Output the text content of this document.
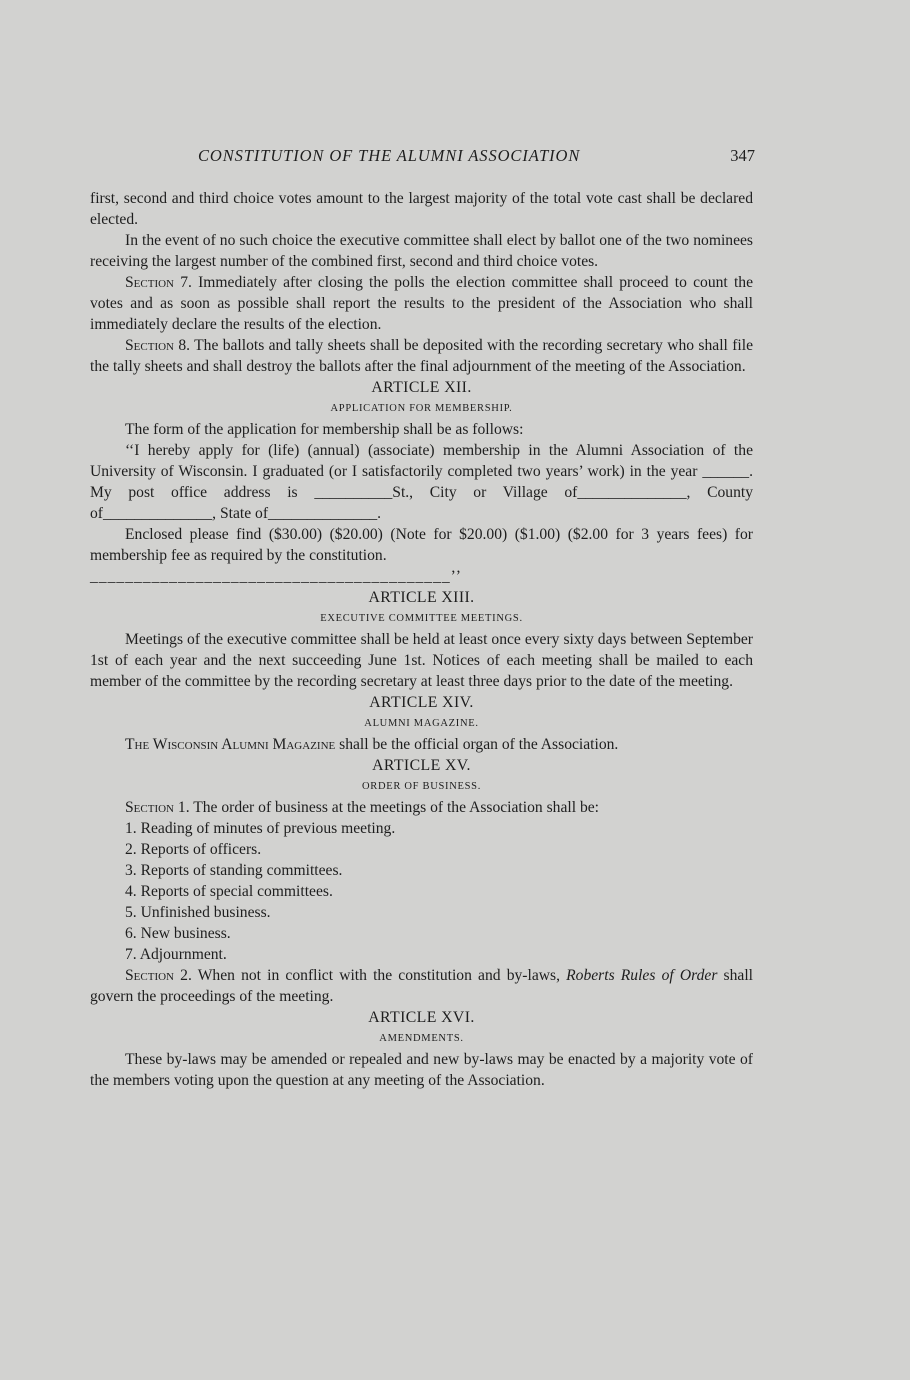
CONSTITUTION OF THE ALUMNI ASSOCIATION	347

first, second and third choice votes amount to the largest majority of the total vote cast shall be declared elected.

In the event of no such choice the executive committee shall elect by ballot one of the two nominees receiving the largest number of the combined first, second and third choice votes.

Section 7. Immediately after closing the polls the election committee shall proceed to count the votes and as soon as possible shall report the results to the president of the Association who shall immediately declare the results of the election.

Section 8. The ballots and tally sheets shall be deposited with the recording secretary who shall file the tally sheets and shall destroy the ballots after the final adjournment of the meeting of the Association.

ARTICLE XII.
APPLICATION FOR MEMBERSHIP.

The form of the application for membership shall be as follows:

‘‘I hereby apply for (life) (annual) (associate) membership in the Alumni Association of the University of Wisconsin. I graduated (or I satisfactorily completed two years’ work) in the year ______. My post office address is __________St., City or Village of______________, County of______________, State of______________.

Enclosed please find ($30.00) ($20.00) (Note for $20.00) ($1.00) ($2.00 for 3 years fees) for membership fee as required by the constitution.

_________________________________________’’

ARTICLE XIII.
EXECUTIVE COMMITTEE MEETINGS.

Meetings of the executive committee shall be held at least once every sixty days between September 1st of each year and the next succeeding June 1st. Notices of each meeting shall be mailed to each member of the committee by the recording secretary at least three days prior to the date of the meeting.

ARTICLE XIV.
ALUMNI MAGAZINE.

The Wisconsin Alumni Magazine shall be the official organ of the Association.

ARTICLE XV.
ORDER OF BUSINESS.

Section 1. The order of business at the meetings of the Association shall be:

1. Reading of minutes of previous meeting.
2. Reports of officers.
3. Reports of standing committees.
4. Reports of special committees.
5. Unfinished business.
6. New business.
7. Adjournment.

Section 2. When not in conflict with the constitution and by-laws, Roberts Rules of Order shall govern the proceedings of the meeting.

ARTICLE XVI.
AMENDMENTS.

These by-laws may be amended or repealed and new by-laws may be enacted by a majority vote of the members voting upon the question at any meeting of the Association.
